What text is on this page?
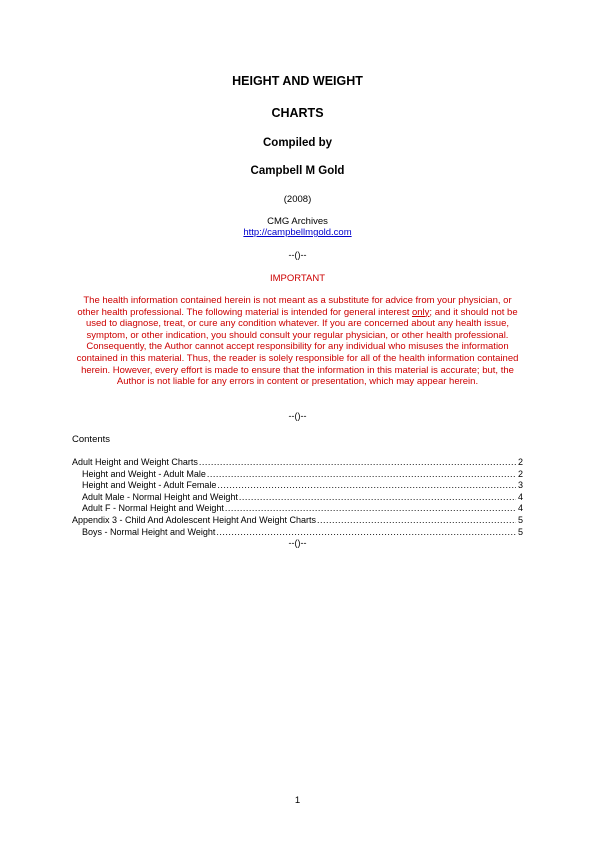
HEIGHT AND WEIGHT
CHARTS
Compiled by
Campbell M Gold
(2008)
CMG Archives
http://campbellmgold.com
--()--
IMPORTANT
The health information contained herein is not meant as a substitute for advice from your physician, or other health professional. The following material is intended for general interest only; and it should not be used to diagnose, treat, or cure any condition whatever. If you are concerned about any health issue, symptom, or other indication, you should consult your regular physician, or other health professional. Consequently, the Author cannot accept responsibility for any individual who misuses the information contained in this material. Thus, the reader is solely responsible for all of the health information contained herein. However, every effort is made to ensure that the information in this material is accurate; but, the Author is not liable for any errors in content or presentation, which may appear herein.
--()--
Contents
Adult Height and Weight Charts .....	2
Height and Weight - Adult Male .....	2
Height and Weight - Adult Female .....	3
Adult Male - Normal Height and Weight .....	4
Adult F - Normal Height and Weight .....	4
Appendix 3 - Child And Adolescent Height And Weight Charts .....	5
Boys - Normal Height and Weight .....	5
--()--
1
